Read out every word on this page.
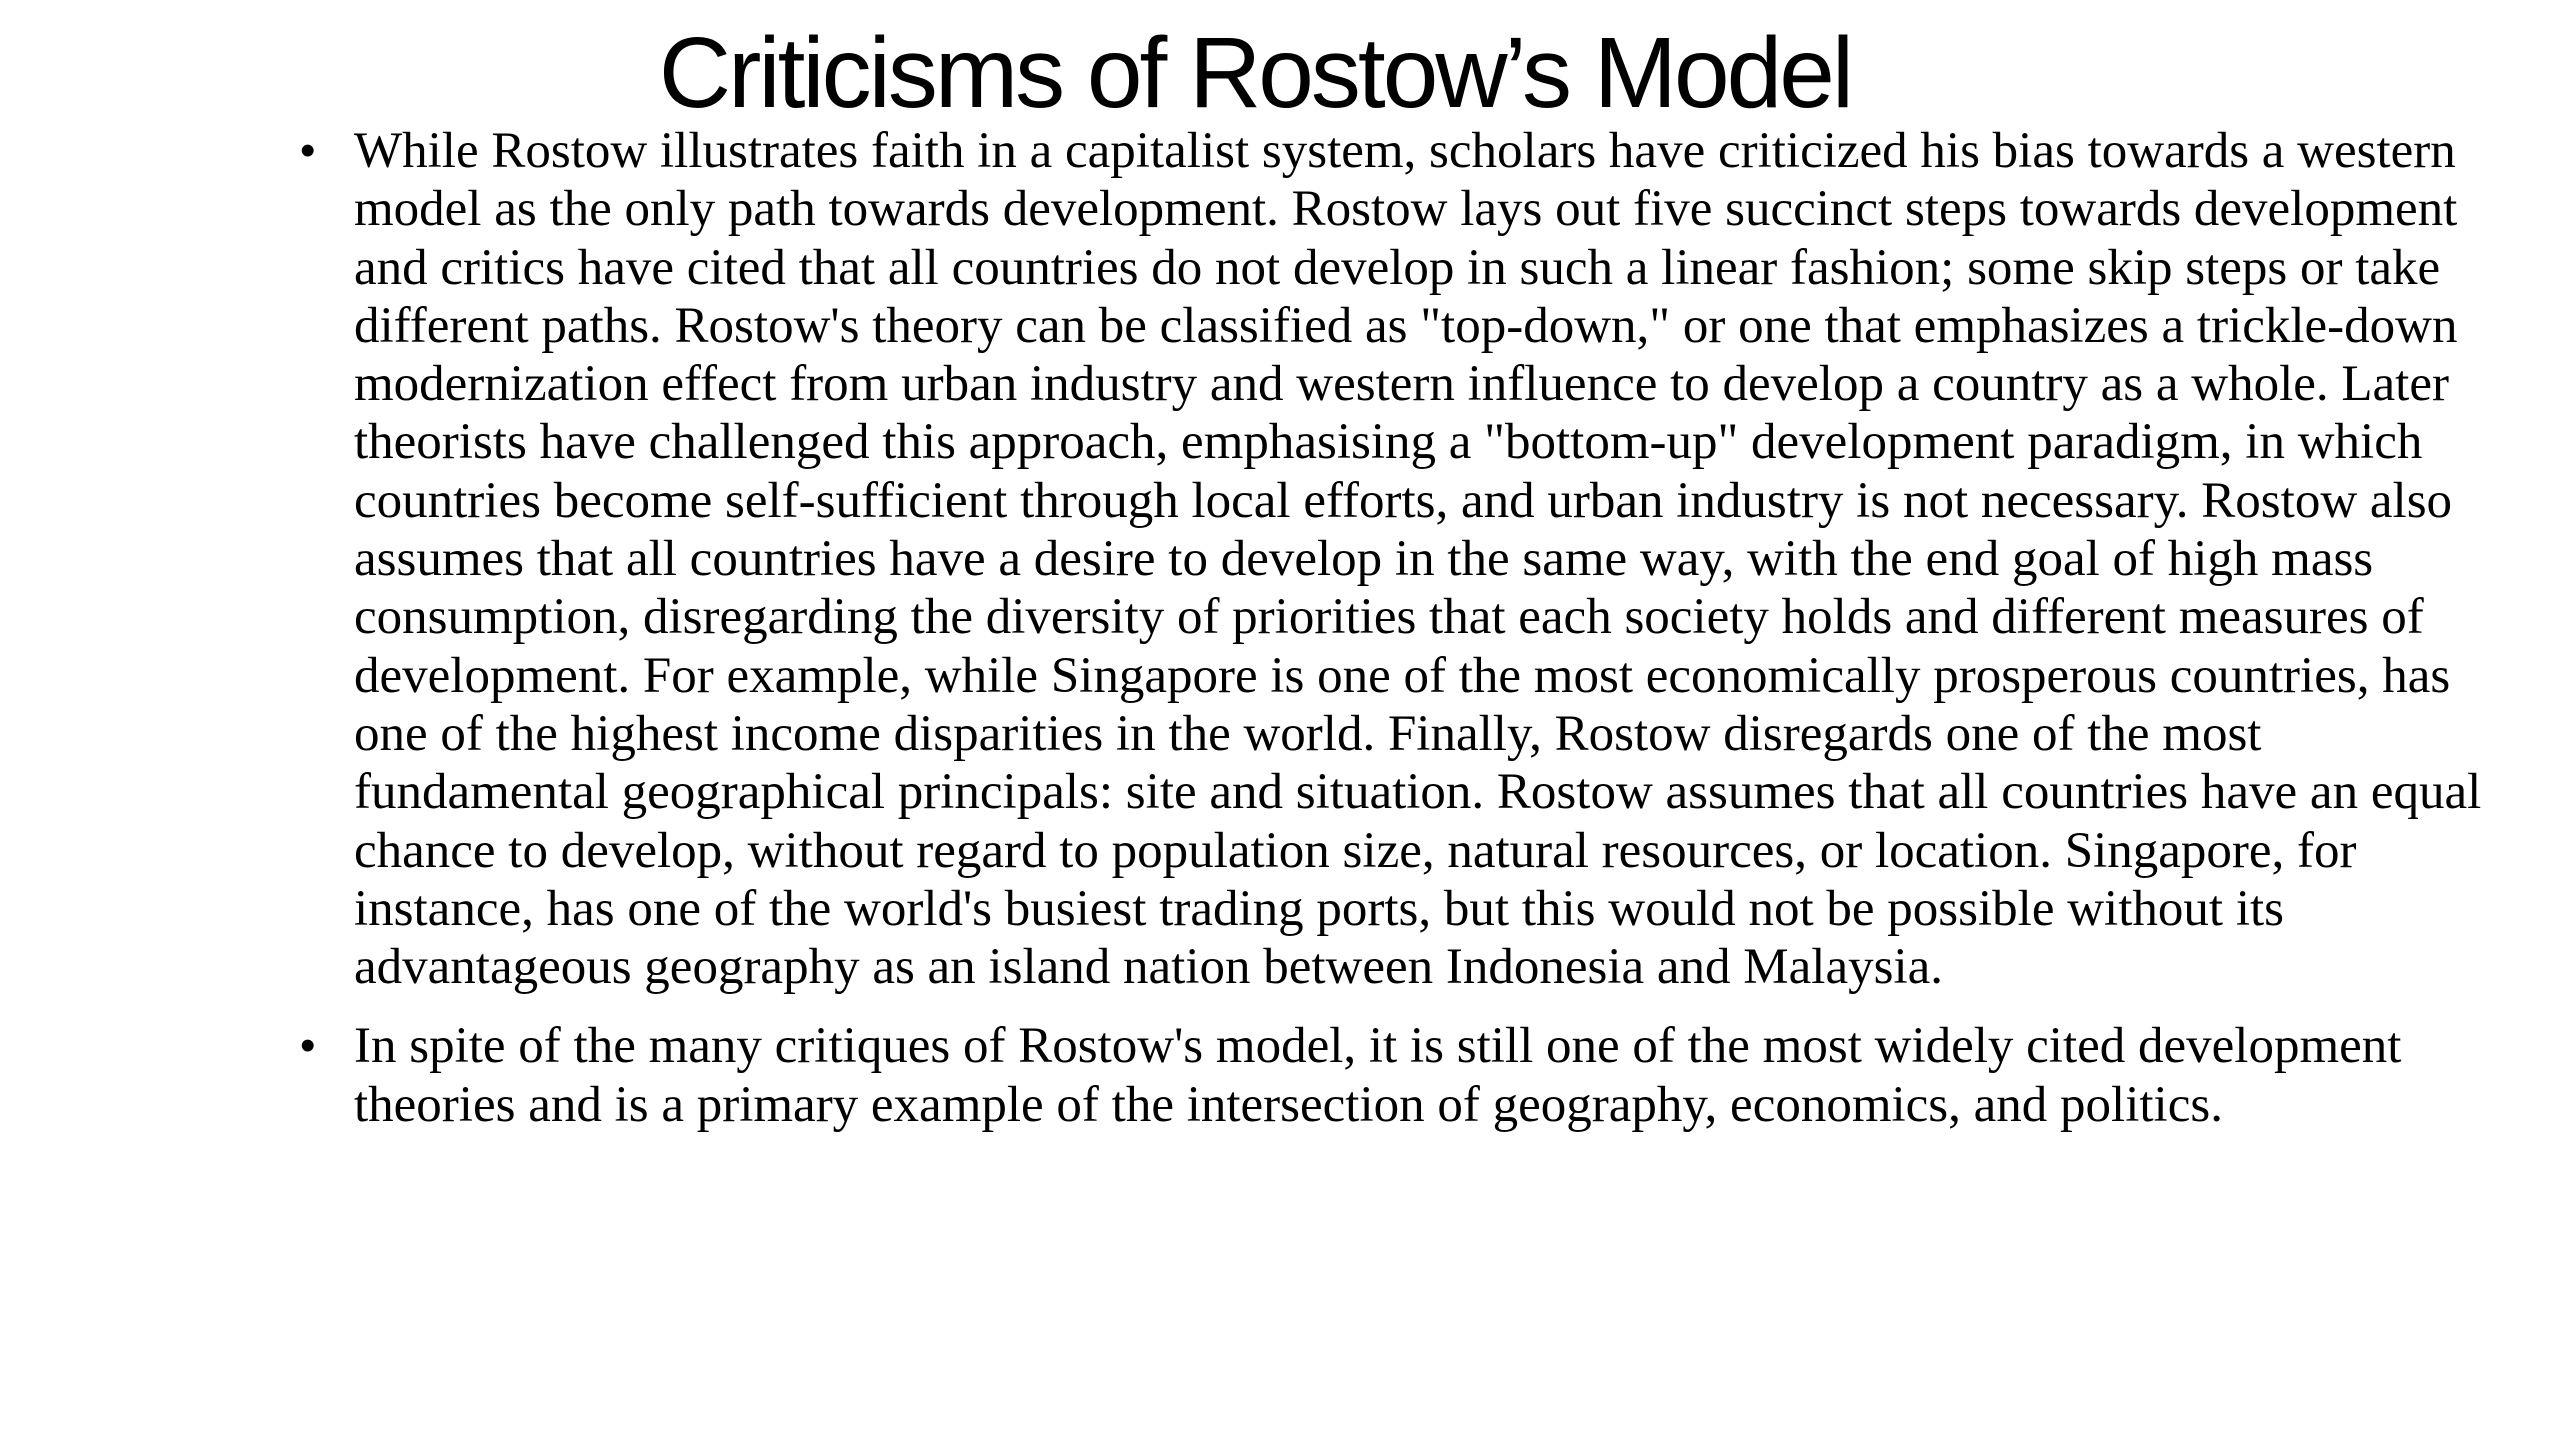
Criticisms of Rostow’s Model
• While Rostow illustrates faith in a capitalist system, scholars have criticized his bias towards a western model as the only path towards development. Rostow lays out five succinct steps towards development and critics have cited that all countries do not develop in such a linear fashion; some skip steps or take different paths. Rostow's theory can be classified as "top-down," or one that emphasizes a trickle-down modernization effect from urban industry and western influence to develop a country as a whole. Later theorists have challenged this approach, emphasising a "bottom-up" development paradigm, in which countries become self-sufficient through local efforts, and urban industry is not necessary. Rostow also assumes that all countries have a desire to develop in the same way, with the end goal of high mass consumption, disregarding the diversity of priorities that each society holds and different measures of development. For example, while Singapore is one of the most economically prosperous countries, has one of the highest income disparities in the world. Finally, Rostow disregards one of the most fundamental geographical principals: site and situation. Rostow assumes that all countries have an equal chance to develop, without regard to population size, natural resources, or location. Singapore, for instance, has one of the world's busiest trading ports, but this would not be possible without its advantageous geography as an island nation between Indonesia and Malaysia.
• In spite of the many critiques of Rostow's model, it is still one of the most widely cited development theories and is a primary example of the intersection of geography, economics, and politics.
